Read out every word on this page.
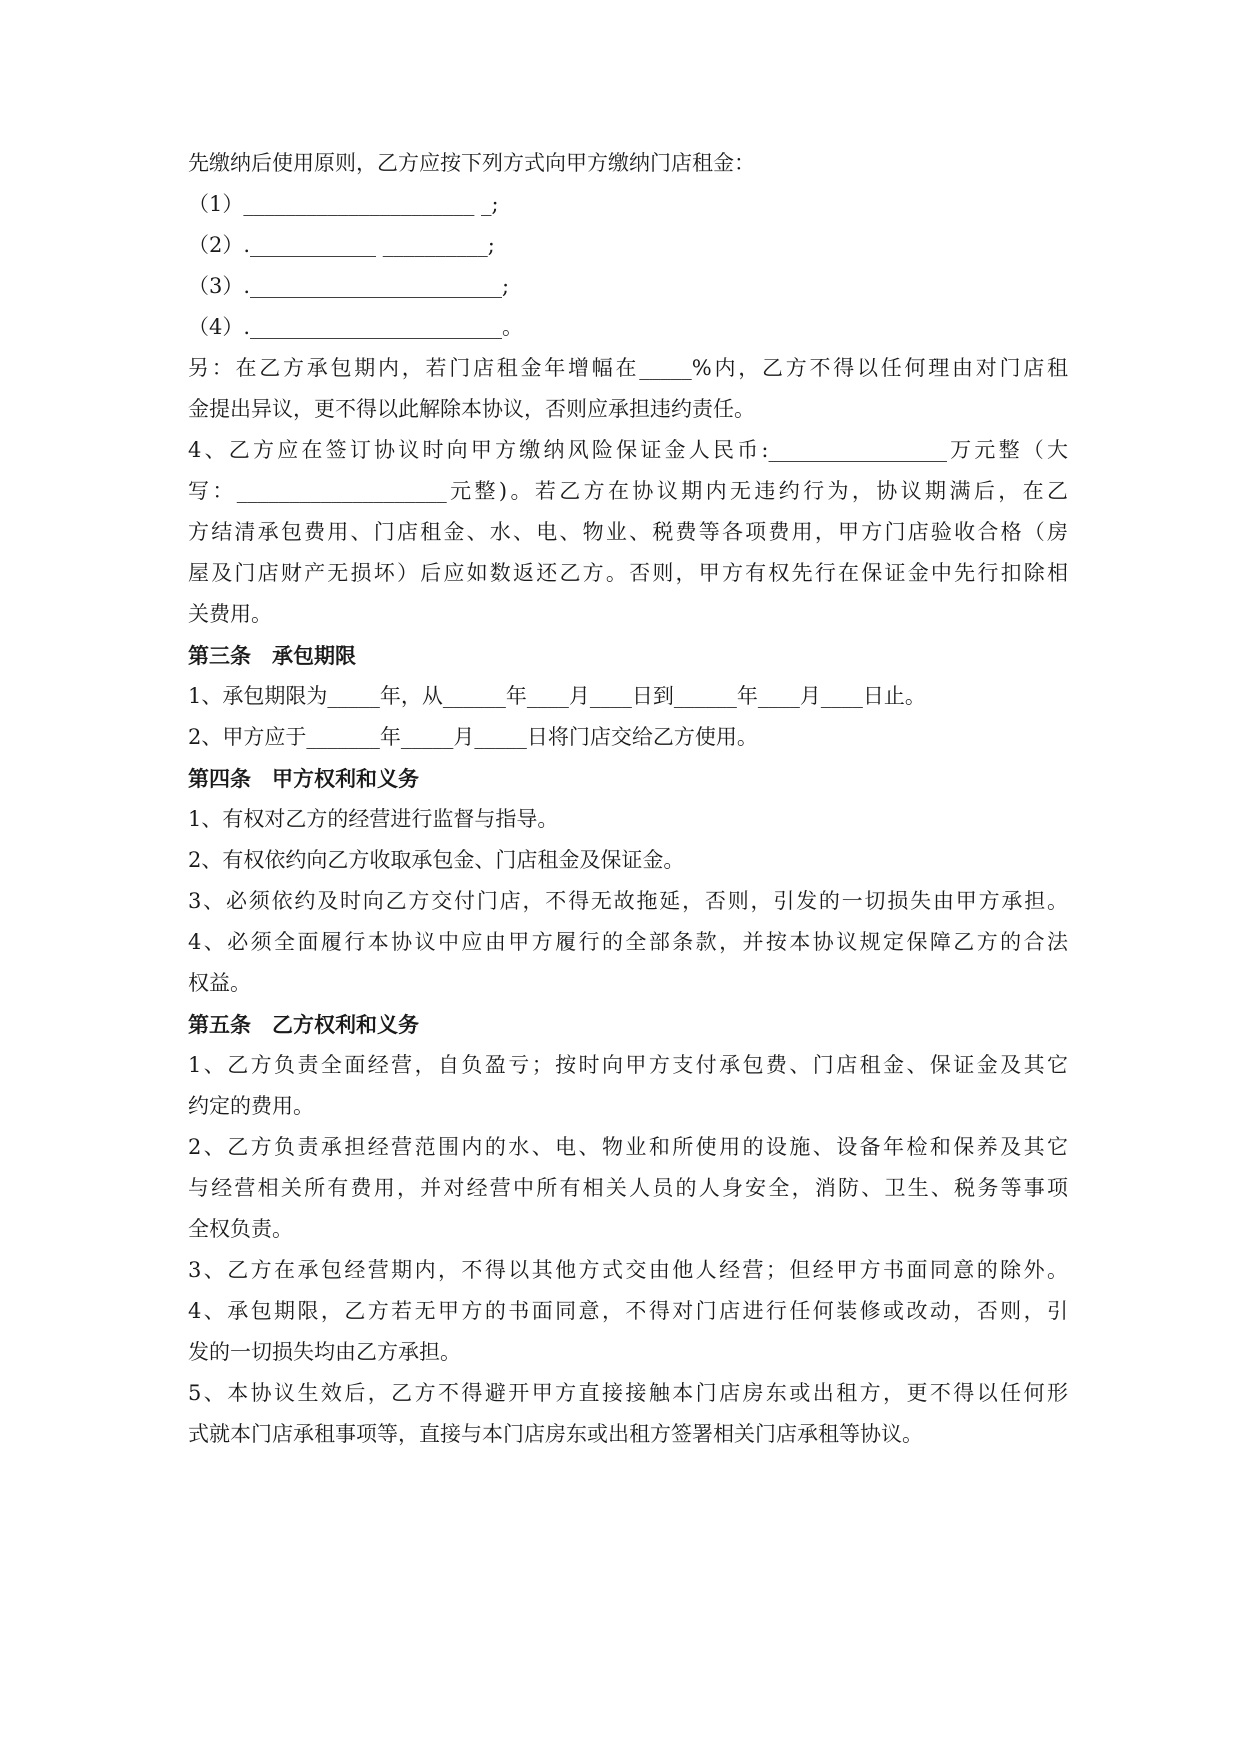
先缴纳后使用原则，乙方应按下列方式向甲方缴纳门店租金：
（1）______________________ _;
（2）.____________ __________;
（3）.________________________;
（4）.________________________。
另：在乙方承包期内，若门店租金年增幅在_____%内，乙方不得以任何理由对门店租
金提出异议，更不得以此解除本协议，否则应承担违约责任。
4、乙方应在签订协议时向甲方缴纳风险保证金人民币:_________________万元整（大
写：____________________元整)。若乙方在协议期内无违约行为，协议期满后，在乙
方结清承包费用、门店租金、水、电、物业、税费等各项费用，甲方门店验收合格（房
屋及门店财产无损坏）后应如数返还乙方。否则，甲方有权先行在保证金中先行扣除相
关费用。
第三条　承包期限
1、承包期限为_____年，从______年____月____日到______年____月____日止。
2、甲方应于_______年_____月_____日将门店交给乙方使用。
第四条　甲方权利和义务
1、有权对乙方的经营进行监督与指导。
2、有权依约向乙方收取承包金、门店租金及保证金。
3、必须依约及时向乙方交付门店，不得无故拖延，否则，引发的一切损失由甲方承担。
4、必须全面履行本协议中应由甲方履行的全部条款，并按本协议规定保障乙方的合法
权益。
第五条　乙方权利和义务
1、乙方负责全面经营，自负盈亏；按时向甲方支付承包费、门店租金、保证金及其它
约定的费用。
2、乙方负责承担经营范围内的水、电、物业和所使用的设施、设备年检和保养及其它
与经营相关所有费用，并对经营中所有相关人员的人身安全，消防、卫生、税务等事项
全权负责。
3、乙方在承包经营期内，不得以其他方式交由他人经营；但经甲方书面同意的除外。
4、承包期限，乙方若无甲方的书面同意，不得对门店进行任何装修或改动，否则，引
发的一切损失均由乙方承担。
5、本协议生效后，乙方不得避开甲方直接接触本门店房东或出租方，更不得以任何形
式就本门店承租事项等，直接与本门店房东或出租方签署相关门店承租等协议。
